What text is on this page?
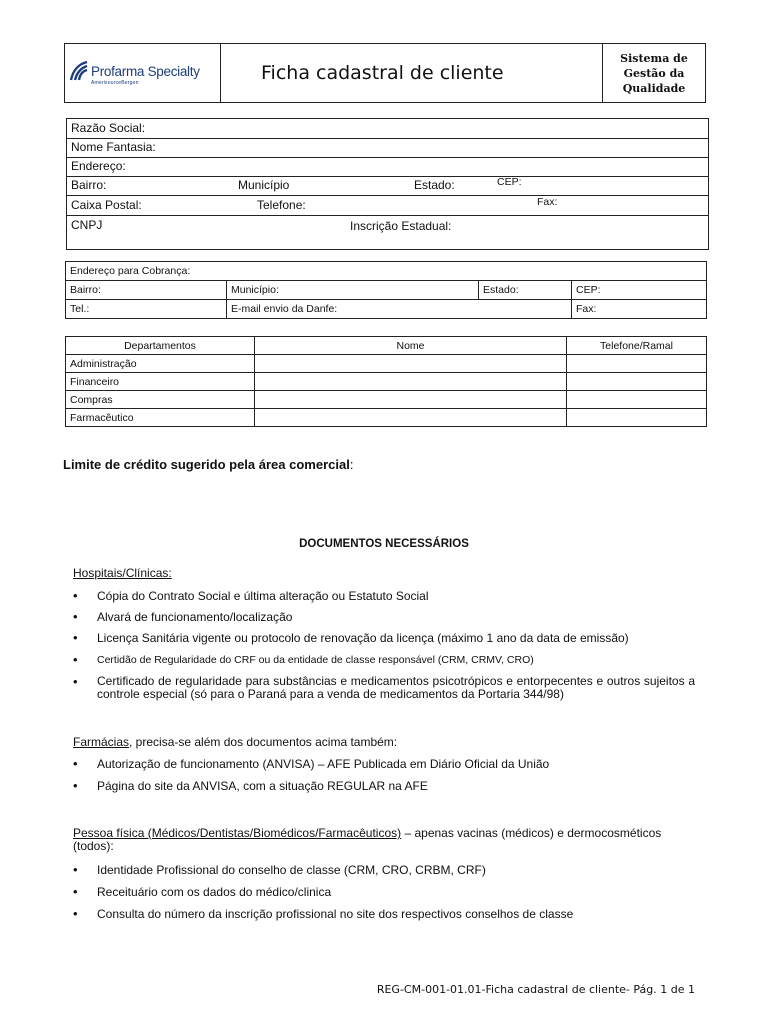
Profarma Specialty
AmerisourceBergen	Ficha cadastral de cliente	
Sistema de
Gestão da
Qualidade
Razão Social:
Nome Fantasia:
Endereço:
Bairro:	Município	Estado:	CEP:
Caixa Postal:	Telefone:	Fax:
CNPJ	Inscrição Estadual:
Endereço para Cobrança:			
Bairro:	Município:	Estado:	CEP:
Tel.:	E-mail envio da Danfe:		Fax:
Departamentos	Nome	Telefone/Ramal
Administração		
Financeiro		
Compras		
Farmacêutico		
Limite de crédito sugerido pela área comercial:
DOCUMENTOS NECESSÁRIOS
Hospitais/Clínicas:
• Cópia do Contrato Social e última alteração ou Estatuto Social
• Alvará de funcionamento/localização
• Licença Sanitária vigente ou protocolo de renovação da licença (máximo 1 ano da data de emissão)
• Certidão de Regularidade do CRF ou da entidade de classe responsável (CRM, CRMV, CRO)
• Certificado de regularidade para substâncias e medicamentos psicotrópicos e entorpecentes e outros sujeitos a controle especial (só para o Paraná para a venda de medicamentos da Portaria 344/98)
Farmácias, precisa-se além dos documentos acima também:
• Autorização de funcionamento (ANVISA) – AFE Publicada em Diário Oficial da União
• Página do site da ANVISA, com a situação REGULAR na AFE
Pessoa física (Médicos/Dentistas/Biomédicos/Farmacêuticos) – apenas vacinas (médicos) e dermocosméticos (todos):
• Identidade Profissional do conselho de classe (CRM, CRO, CRBM, CRF)
• Receituário com os dados do médico/clinica
• Consulta do número da inscrição profissional no site dos respectivos conselhos de classe
REG-CM-001-01.01-Ficha cadastral de cliente- Pág. 1 de 1
